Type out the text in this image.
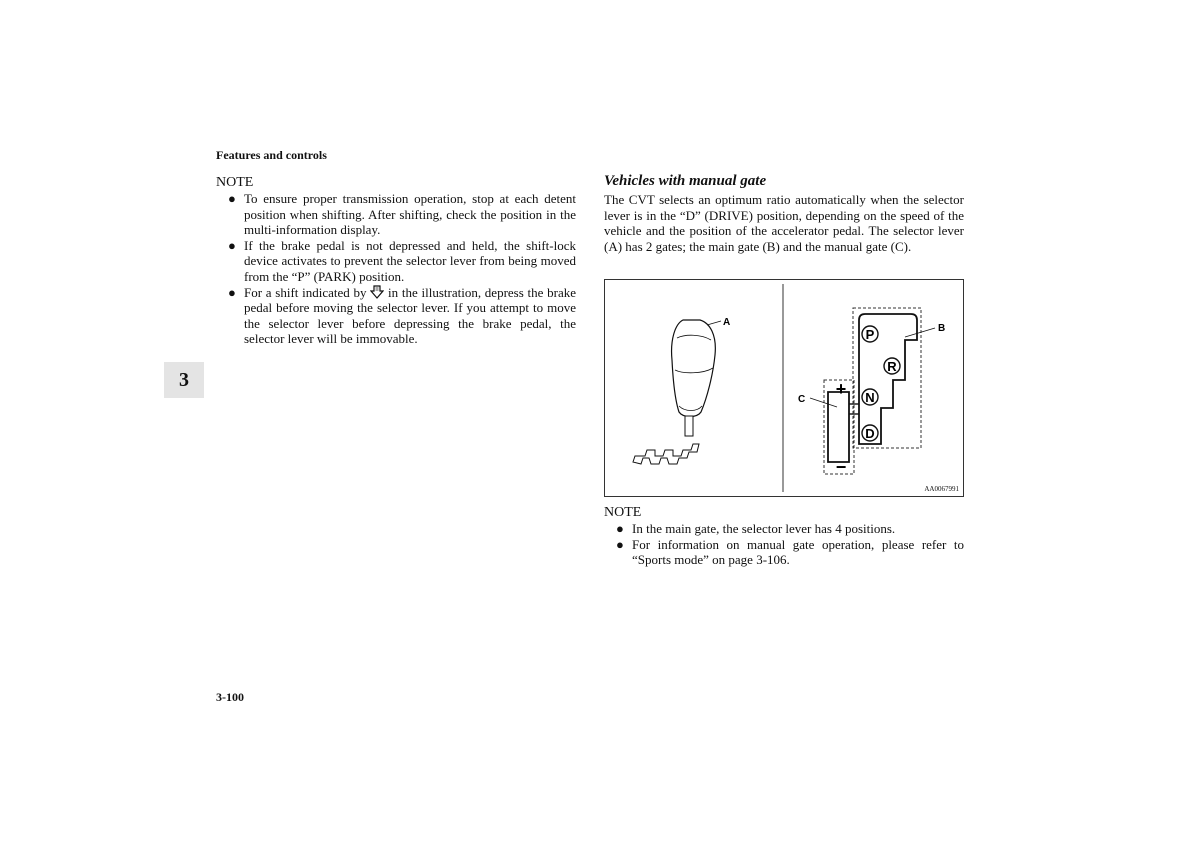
Features and controls
3
NOTE
● To ensure proper transmission operation, stop at each detent position when shifting. After shifting, check the position in the multi-information display.
● If the brake pedal is not depressed and held, the shift-lock device activates to prevent the selector lever from being moved from the “P” (PARK) position.
● For a shift indicated by in the illustration, depress the brake pedal before moving the selector lever. If you attempt to move the selector lever before depressing the brake pedal, the selector lever will be immovable.
Vehicles with manual gate
The CVT selects an optimum ratio automatically when the selector lever is in the “D” (DRIVE) position, depending on the speed of the vehicle and the position of the accelerator pedal. The selector lever (A) has 2 gates; the main gate (B) and the manual gate (C).
A
P
R
N
D
+
−
B
C
AA0067991
NOTE
● In the main gate, the selector lever has 4 positions.
● For information on manual gate operation, please refer to “Sports mode” on page 3-106.
3-100
